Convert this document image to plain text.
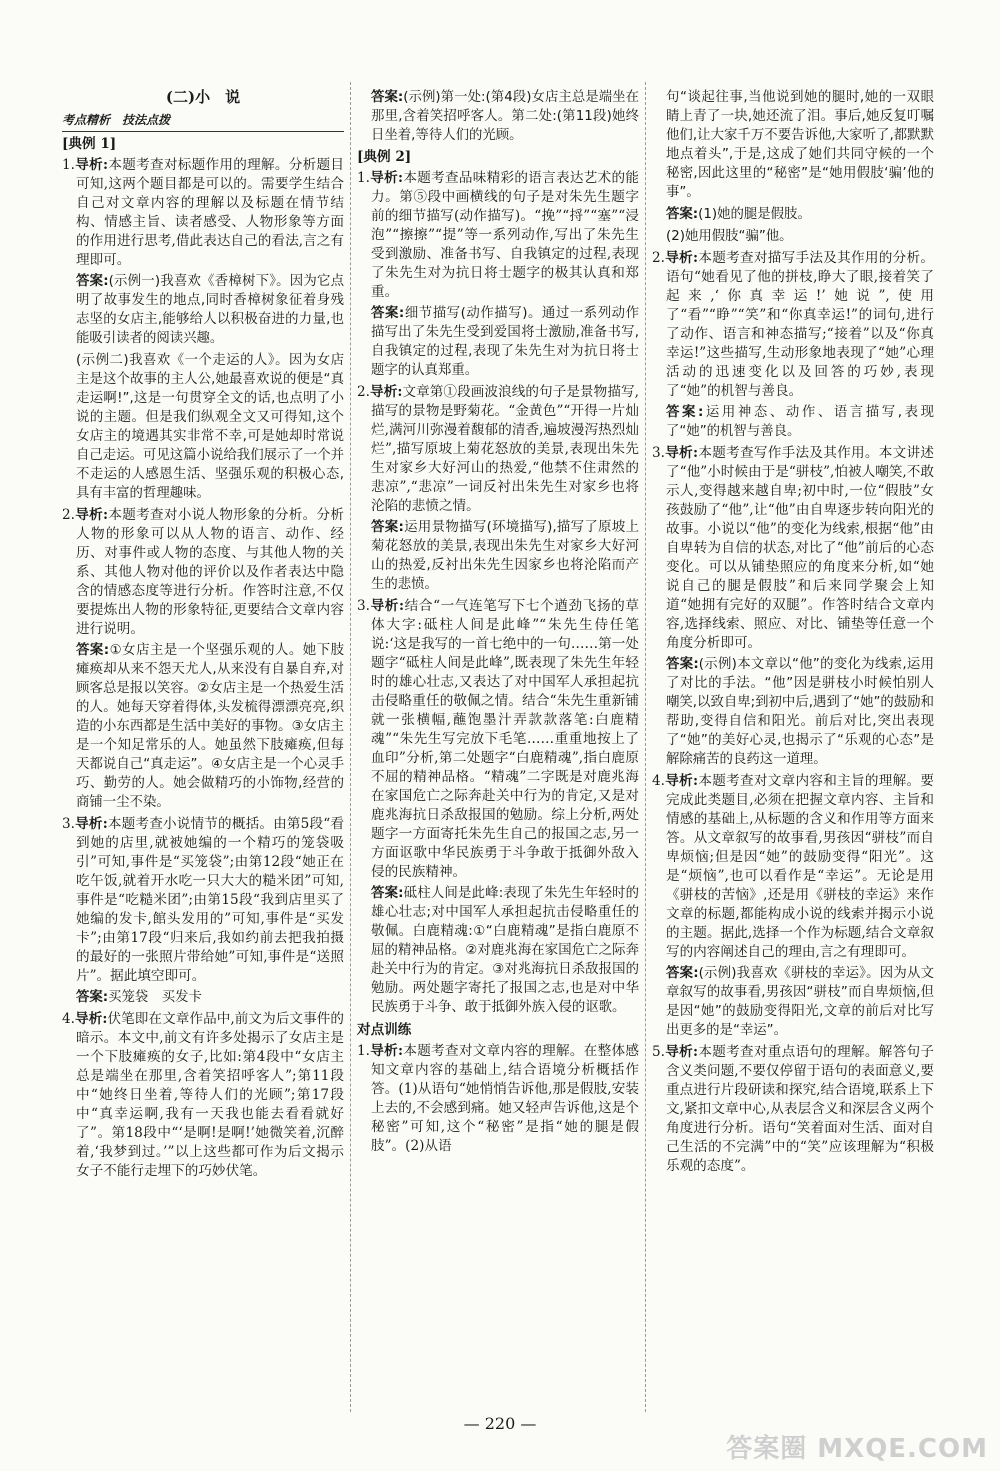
(二)小　说
考点精析　技法点拨
[典例 1]
1.导析:本题考查对标题作用的理解。分析题目可知,这两个题目都是可以的。需要学生结合自己对文章内容的理解以及标题在情节结构、情感主旨、读者感受、人物形象等方面的作用进行思考,借此表达自己的看法,言之有理即可。
答案:(示例一)我喜欢《香樟树下》。因为它点明了故事发生的地点,同时香樟树象征着身残志坚的女店主,能够给人以积极奋进的力量,也能吸引读者的阅读兴趣。
(示例二)我喜欢《一个走运的人》。因为女店主是这个故事的主人公,她最喜欢说的便是“真走运啊!”,这是一句贯穿全文的话,也点明了小说的主题。但是我们纵观全文又可得知,这个女店主的境遇其实非常不幸,可是她却时常说自己走运。可见这篇小说给我们展示了一个并不走运的人感恩生活、坚强乐观的积极心态,具有丰富的哲理趣味。
2.导析:本题考查对小说人物形象的分析。分析人物的形象可以从人物的语言、动作、经历、对事件或人物的态度、与其他人物的关系、其他人物对他的评价以及作者表达中隐含的情感态度等进行分析。作答时注意,不仅要提炼出人物的形象特征,更要结合文章内容进行说明。
答案:①女店主是一个坚强乐观的人。她下肢瘫痪却从来不怨天尤人,从来没有自暴自弃,对顾客总是报以笑容。②女店主是一个热爱生活的人。她每天穿着得体,头发梳得漂漂亮亮,织造的小东西都是生活中美好的事物。③女店主是一个知足常乐的人。她虽然下肢瘫痪,但每天都说自己“真走运”。④女店主是一个心灵手巧、勤劳的人。她会做精巧的小饰物,经营的商铺一尘不染。
3.导析:本题考查小说情节的概括。由第5段“看到她的店里,就被她编的一个精巧的笼袋吸引”可知,事件是“买笼袋”;由第12段“她正在吃午饭,就着开水吃一只大大的糙米团”可知,事件是“吃糙米团”;由第15段“我到店里买了她编的发卡,館头发用的”可知,事件是“买发卡”;由第17段“归来后,我如约前去把我拍摄的最好的一张照片带给她”可知,事件是“送照片”。据此填空即可。
答案:买笼袋　买发卡
4.导析:伏笔即在文章作品中,前文为后文事件的暗示。本文中,前文有许多处揭示了女店主是一个下肢瘫痪的女子,比如:第4段中“女店主总是端坐在那里,含着笑招呼客人”;第11段中“她终日坐着,等待人们的光顾”;第17段中“真幸运啊,我有一天我也能去看看就好了”。第18段中“‘是啊!是啊!’她微笑着,沉醉着,‘我梦到过。’”以上这些都可作为后文揭示女子不能行走埋下的巧妙伏笔。
答案:(示例)第一处:(第4段)女店主总是端坐在那里,含着笑招呼客人。第二处:(第11段)她终日坐着,等待人们的光顾。
[典例 2]
1.导析:本题考查品味精彩的语言表达艺术的能力。第⑤段中画横线的句子是对朱先生题字前的细节描写(动作描写)。“挽”“捋”“塞”“浸泡”“擦擦”“提”等一系列动作,写出了朱先生受到激励、准备书写、自我镇定的过程,表现了朱先生对为抗日将士题字的极其认真和郑重。
答案:细节描写(动作描写)。通过一系列动作描写出了朱先生受到爱国将士激励,准备书写,自我镇定的过程,表现了朱先生对为抗日将士题字的认真郑重。
2.导析:文章第①段画波浪线的句子是景物描写,描写的景物是野菊花。“金黄色”“开得一片灿烂,满河川弥漫着馥郁的清香,遍坡漫泻热烈灿烂”,描写原坡上菊花怒放的美景,表现出朱先生对家乡大好河山的热爱,“他禁不住肃然的悲凉”,“悲凉”一词反衬出朱先生对家乡也将沦陷的悲愤之情。
答案:运用景物描写(环境描写),描写了原坡上菊花怒放的美景,表现出朱先生对家乡大好河山的热爱,反衬出朱先生因家乡也将沦陷而产生的悲愤。
3.导析:结合“一气连笔写下七个遒劲飞扬的草体大字:砥柱人间是此峰”“朱先生侍任笔说:‘这是我写的一首七绝中的一句……第一处题字“砥柱人间是此峰”,既表现了朱先生年轻时的雄心壮志,又表达了对中国军人承担起抗击侵略重任的敬佩之情。结合“朱先生重新铺就一张横幅,蘸饱墨汁弄款款落笔:白鹿精魂”“朱先生写完放下毛笔……重重地按上了血印”分析,第二处题字“白鹿精魂”,指白鹿原不屈的精神品格。“精魂”二字既是对鹿兆海在家国危亡之际奔赴关中行为的肯定,又是对鹿兆海抗日杀敌报国的勉励。综上分析,两处题字一方面寄托朱先生自己的报国之志,另一方面讴歌中华民族勇于斗争敢于抵御外敌入侵的民族精神。
答案:砥柱人间是此峰:表现了朱先生年轻时的雄心壮志;对中国军人承担起抗击侵略重任的敬佩。白鹿精魂:①“白鹿精魂”是指白鹿原不屈的精神品格。②对鹿兆海在家国危亡之际奔赴关中行为的肯定。③对兆海抗日杀敌报国的勉励。两处题字寄托了报国之志,也是对中华民族勇于斗争、敢于抵御外族入侵的讴歌。
对点训练
1.导析:本题考查对文章内容的理解。在整体感知文章内容的基础上,结合语境分析概括作答。(1)从语句“她悄悄告诉他,那是假肢,安装上去的,不会感到痛。她又轻声告诉他,这是个秘密”可知,这个“秘密”是指“她的腿是假肢”。(2)从语
句“谈起往事,当他说到她的腿时,她的一双眼睛上青了一块,她还流了泪。事后,她反复叮嘱他们,让大家千万不要告诉他,大家听了,都默默地点着头”,于是,这成了她们共同守候的一个秘密,因此这里的“秘密”是“她用假肢‘骗’他的事”。
答案:(1)她的腿是假肢。
(2)她用假肢“骗”他。
2.导析:本题考查对描写手法及其作用的分析。语句“她看见了他的拼枝,睁大了眼,接着笑了起来,‘你真幸运!’她说”,使用了“看”“睁”“笑”和“你真幸运!”的词句,进行了动作、语言和神态描写;“接着”以及“你真幸运!”这些描写,生动形象地表现了“她”心理活动的迅速变化以及回答的巧妙,表现了“她”的机智与善良。
答案:运用神态、动作、语言描写,表现了“她”的机智与善良。
3.导析:本题考查写作手法及其作用。本文讲述了“他”小时候由于是“骈枝”,怕被人嘲笑,不敢示人,变得越来越自卑;初中时,一位“假肢”女孩鼓励了“他”,让“他”由自卑逐步转向阳光的故事。小说以“他”的变化为线索,根据“他”由自卑转为自信的状态,对比了“他”前后的心态变化。可以从铺垫照应的角度来分析,如“她说自己的腿是假肢”和后来同学聚会上知道“她拥有完好的双腿”。作答时结合文章内容,选择线索、照应、对比、铺垫等任意一个角度分析即可。
答案:(示例)本文章以“他”的变化为线索,运用了对比的手法。“他”因是骈枝小时候怕别人嘲笑,以致自卑;到初中后,遇到了“她”的鼓励和帮助,变得自信和阳光。前后对比,突出表现了“她”的美好心灵,也揭示了“乐观的心态”是解除痛苦的良药这一道理。
4.导析:本题考查对文章内容和主旨的理解。要完成此类题目,必须在把握文章内容、主旨和情感的基础上,从标题的含义和作用等方面来答。从文章叙写的故事看,男孩因“骈枝”而自卑烦恼;但是因“她”的鼓励变得“阳光”。这是“烦恼”,也可以看作是“幸运”。无论是用《骈枝的苦恼》,还是用《骈枝的幸运》来作文章的标题,都能构成小说的线索并揭示小说的主题。据此,选择一个作为标题,结合文章叙写的内容阐述自己的理由,言之有理即可。
答案:(示例)我喜欢《骈枝的幸运》。因为从文章叙写的故事看,男孩因“骈枝”而自卑烦恼,但是因“她”的鼓励变得阳光,文章的前后对比写出更多的是“幸运”。
5.导析:本题考查对重点语句的理解。解答句子含义类问题,不要仅停留于语句的表面意义,要重点进行片段研读和探究,结合语境,联系上下文,紧扣文章中心,从表层含义和深层含义两个角度进行分析。语句“笑着面对生活、面对自己生活的不完满”中的“笑”应该理解为“积极乐观的态度”。
— 220 —
答案圈 MXQE.COM
